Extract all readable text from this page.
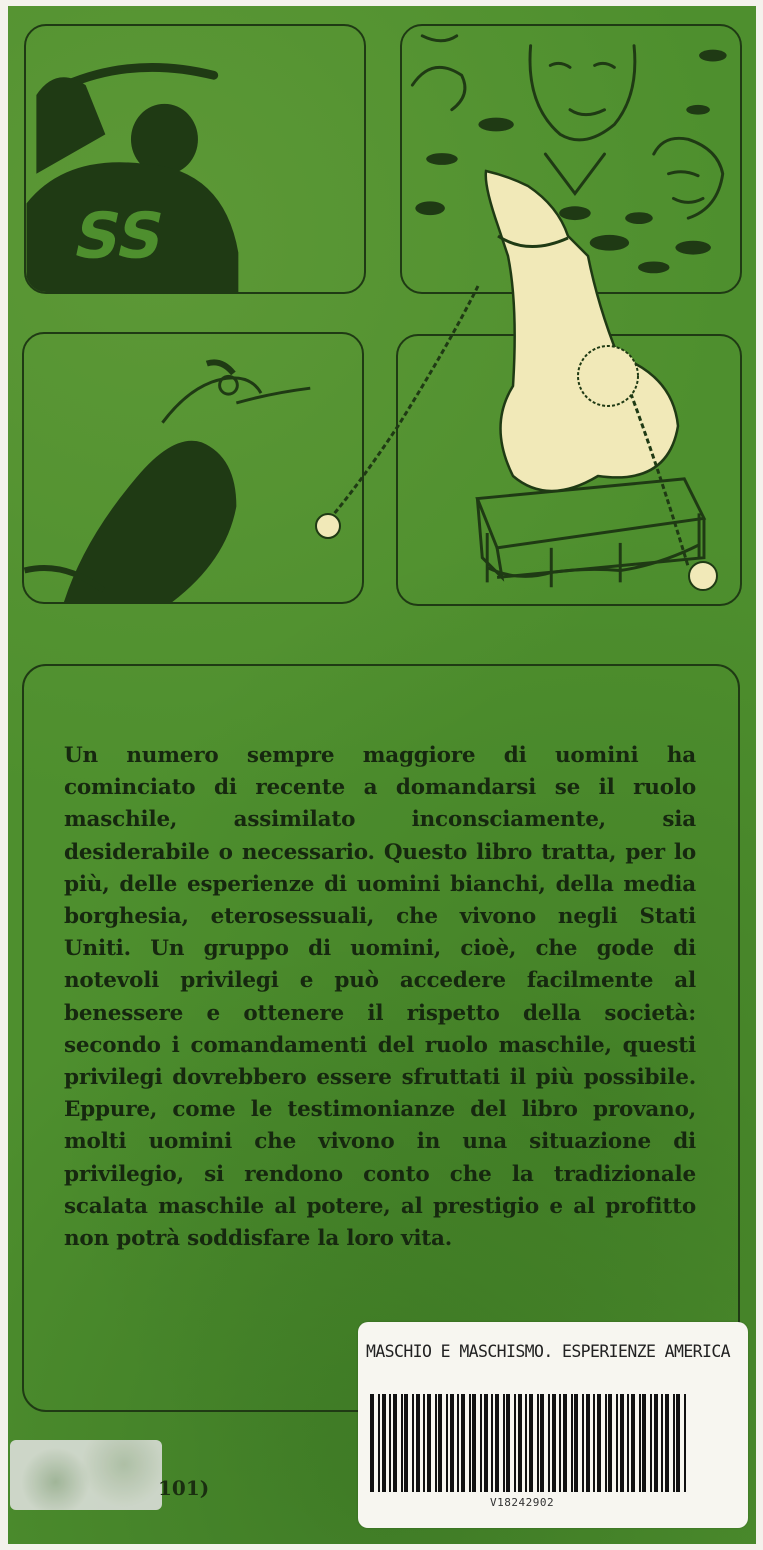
SS

Un numero sempre maggiore di uomini ha cominciato di recente a domandarsi se il ruolo maschile, assimilato inconsciamente, sia desiderabile o necessario. Questo libro tratta, per lo più, delle esperienze di uomini bianchi, della media borghesia, eterosessuali, che vivono negli Stati Uniti. Un gruppo di uomini, cioè, che gode di notevoli privilegi e può accedere facilmente al benessere e ottenere il rispetto della società: secondo i comandamenti del ruolo maschile, questi privilegi dovrebbero essere sfruttati il più possibile. Eppure, come le testimonianze del libro provano, molti uomini che vivono in una situazione di privilegio, si rendono conto che la tradizionale scalata maschile al potere, al prestigio e al profitto non potrà soddisfare la loro vita.

101)
MASCHIO E MASCHISMO. ESPERIENZE AMERICA
V18242902
